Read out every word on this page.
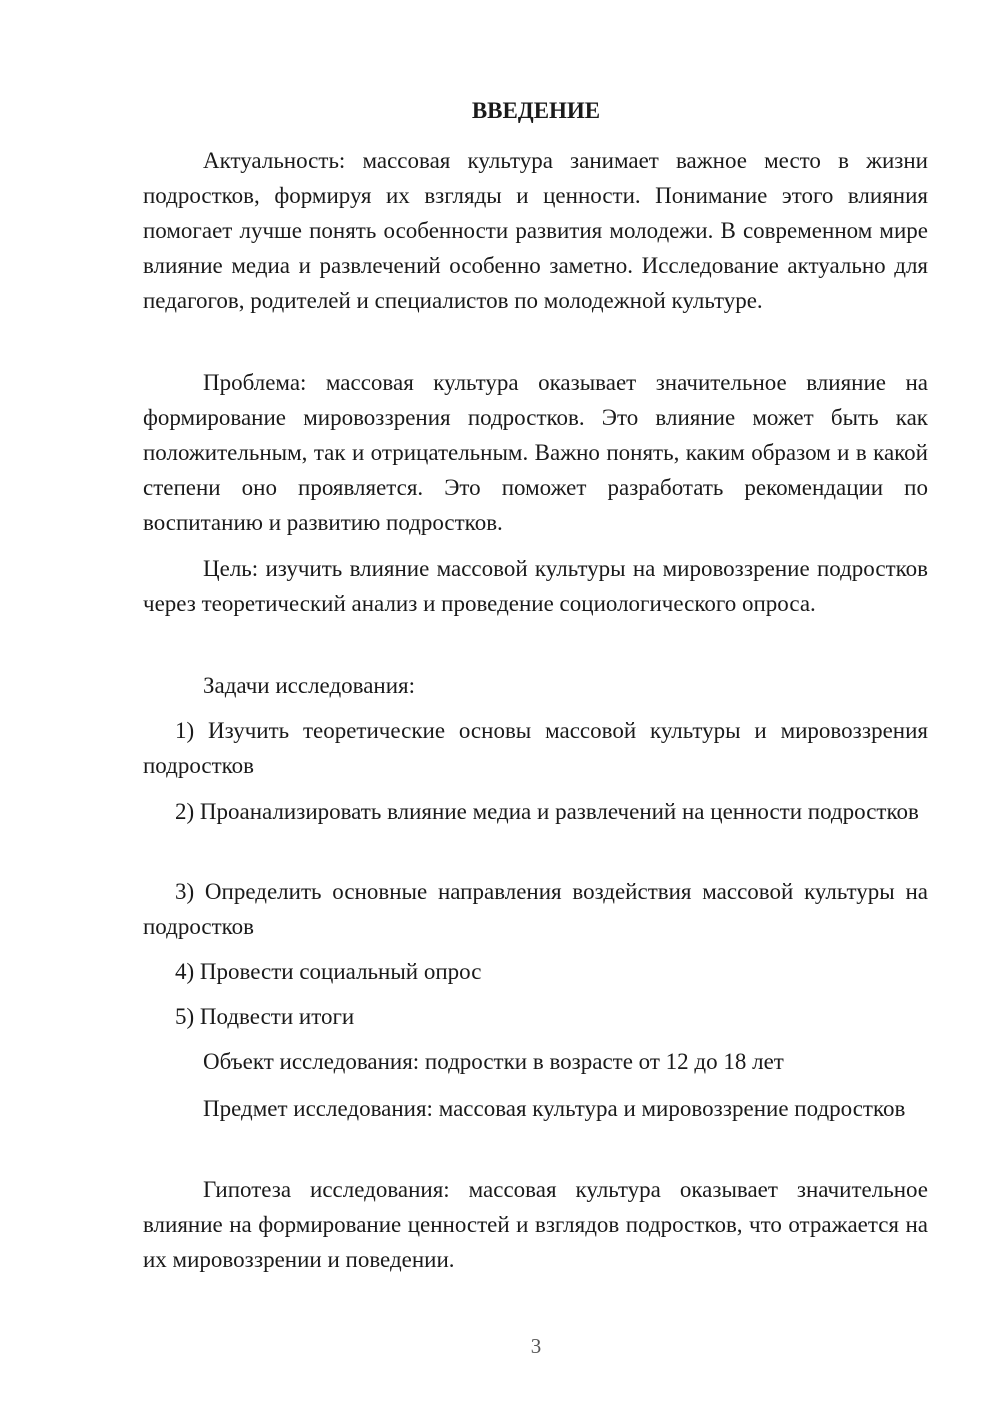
ВВЕДЕНИЕ

Актуальность: массовая культура занимает важное место в жизни подростков, формируя их взгляды и ценности. Понимание этого влияния помогает лучше понять особенности развития молодежи. В современном мире влияние медиа и развлечений особенно заметно. Исследование актуально для педагогов, родителей и специалистов по молодежной культуре.

Проблема: массовая культура оказывает значительное влияние на формирование мировоззрения подростков. Это влияние может быть как положительным, так и отрицательным. Важно понять, каким образом и в какой степени оно проявляется. Это поможет разработать рекомендации по воспитанию и развитию подростков.

Цель: изучить влияние массовой культуры на мировоззрение подростков через теоретический анализ и проведение социологического опроса.

Задачи исследования:

1) Изучить теоретические основы массовой культуры и мировоззрения подростков

2) Проанализировать влияние медиа и развлечений на ценности подростков

3) Определить основные направления воздействия массовой культуры на подростков

4) Провести социальный опрос

5) Подвести итоги

Объект исследования: подростки в возрасте от 12 до 18 лет

Предмет исследования: массовая культура и мировоззрение подростков

Гипотеза исследования: массовая культура оказывает значительное влияние на формирование ценностей и взглядов подростков, что отражается на их мировоззрении и поведении.

3
